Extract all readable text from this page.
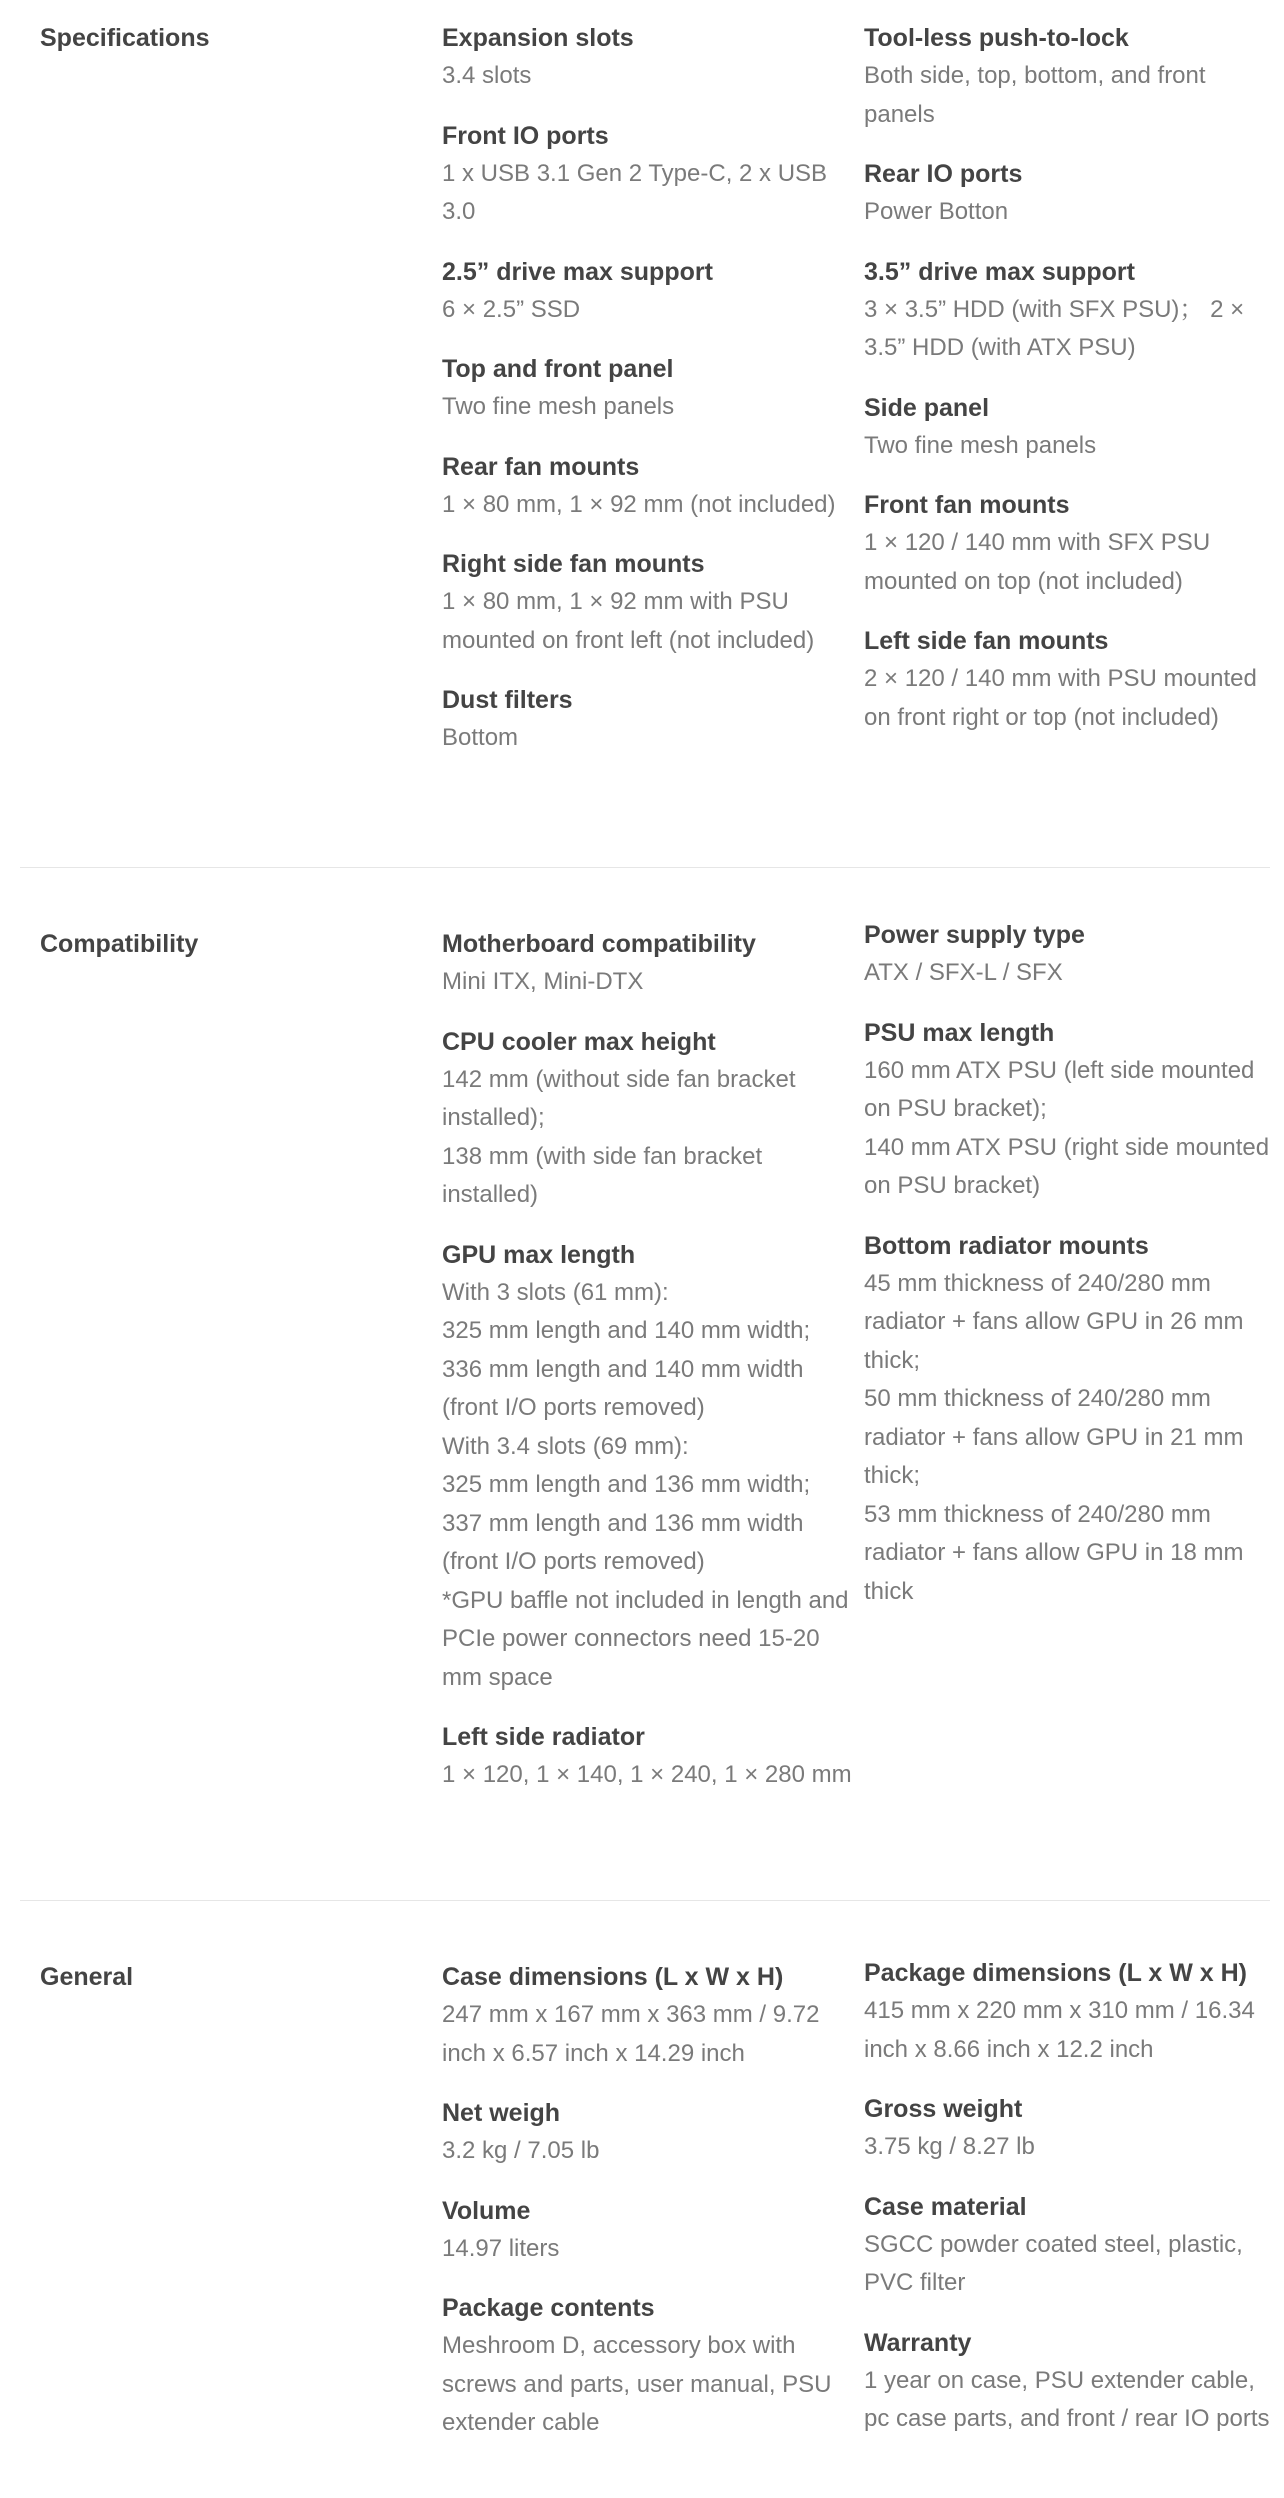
Specifications	Expansion slots
3.4 slots
Front IO ports
1 x USB 3.1 Gen 2 Type-C, 2 x USB 3.0
2.5” drive max support
6 × 2.5” SSD
Top and front panel
Two fine mesh panels
Rear fan mounts
1 × 80 mm, 1 × 92 mm (not included)
Right side fan mounts
1 × 80 mm, 1 × 92 mm with PSU mounted on front left (not included)
Dust filters
Bottom
Tool-less push-to-lock
Both side, top, bottom, and front panels
Rear IO ports
Power Botton
3.5” drive max support
3 × 3.5” HDD (with SFX PSU)； 2 × 3.5” HDD (with ATX PSU)
Side panel
Two fine mesh panels
Front fan mounts
1 × 120 / 140 mm with SFX PSU mounted on top (not included)
Left side fan mounts
2 × 120 / 140 mm with PSU mounted on front right or top (not included)
Compatibility	Motherboard compatibility
Mini ITX, Mini-DTX
CPU cooler max height
142 mm (without side fan bracket installed);
138 mm (with side fan bracket installed)
GPU max length
With 3 slots (61 mm):
325 mm length and 140 mm width;
336 mm length and 140 mm width (front I/O ports removed)
With 3.4 slots (69 mm):
325 mm length and 136 mm width;
337 mm length and 136 mm width (front I/O ports removed)
*GPU baffle not included in length and PCIe power connectors need 15-20 mm space
Left side radiator
1 × 120, 1 × 140, 1 × 240, 1 × 280 mm
Power supply type
ATX / SFX-L / SFX
PSU max length
160 mm ATX PSU (left side mounted on PSU bracket);
140 mm ATX PSU (right side mounted on PSU bracket)
Bottom radiator mounts
45 mm thickness of 240/280 mm radiator + fans allow GPU in 26 mm thick;
50 mm thickness of 240/280 mm radiator + fans allow GPU in 21 mm thick;
53 mm thickness of 240/280 mm radiator + fans allow GPU in 18 mm thick
General	Case dimensions (L x W x H)
247 mm x 167 mm x 363 mm / 9.72 inch x 6.57 inch x 14.29 inch
Net weigh
3.2 kg / 7.05 lb
Volume
14.97 liters
Package contents
Meshroom D, accessory box with screws and parts, user manual, PSU extender cable
Package dimensions (L x W x H)
415 mm x 220 mm x 310 mm / 16.34 inch x 8.66 inch x 12.2 inch
Gross weight
3.75 kg / 8.27 lb
Case material
SGCC powder coated steel, plastic, PVC filter
Warranty
1 year on case, PSU extender cable, pc case parts, and front / rear IO ports
